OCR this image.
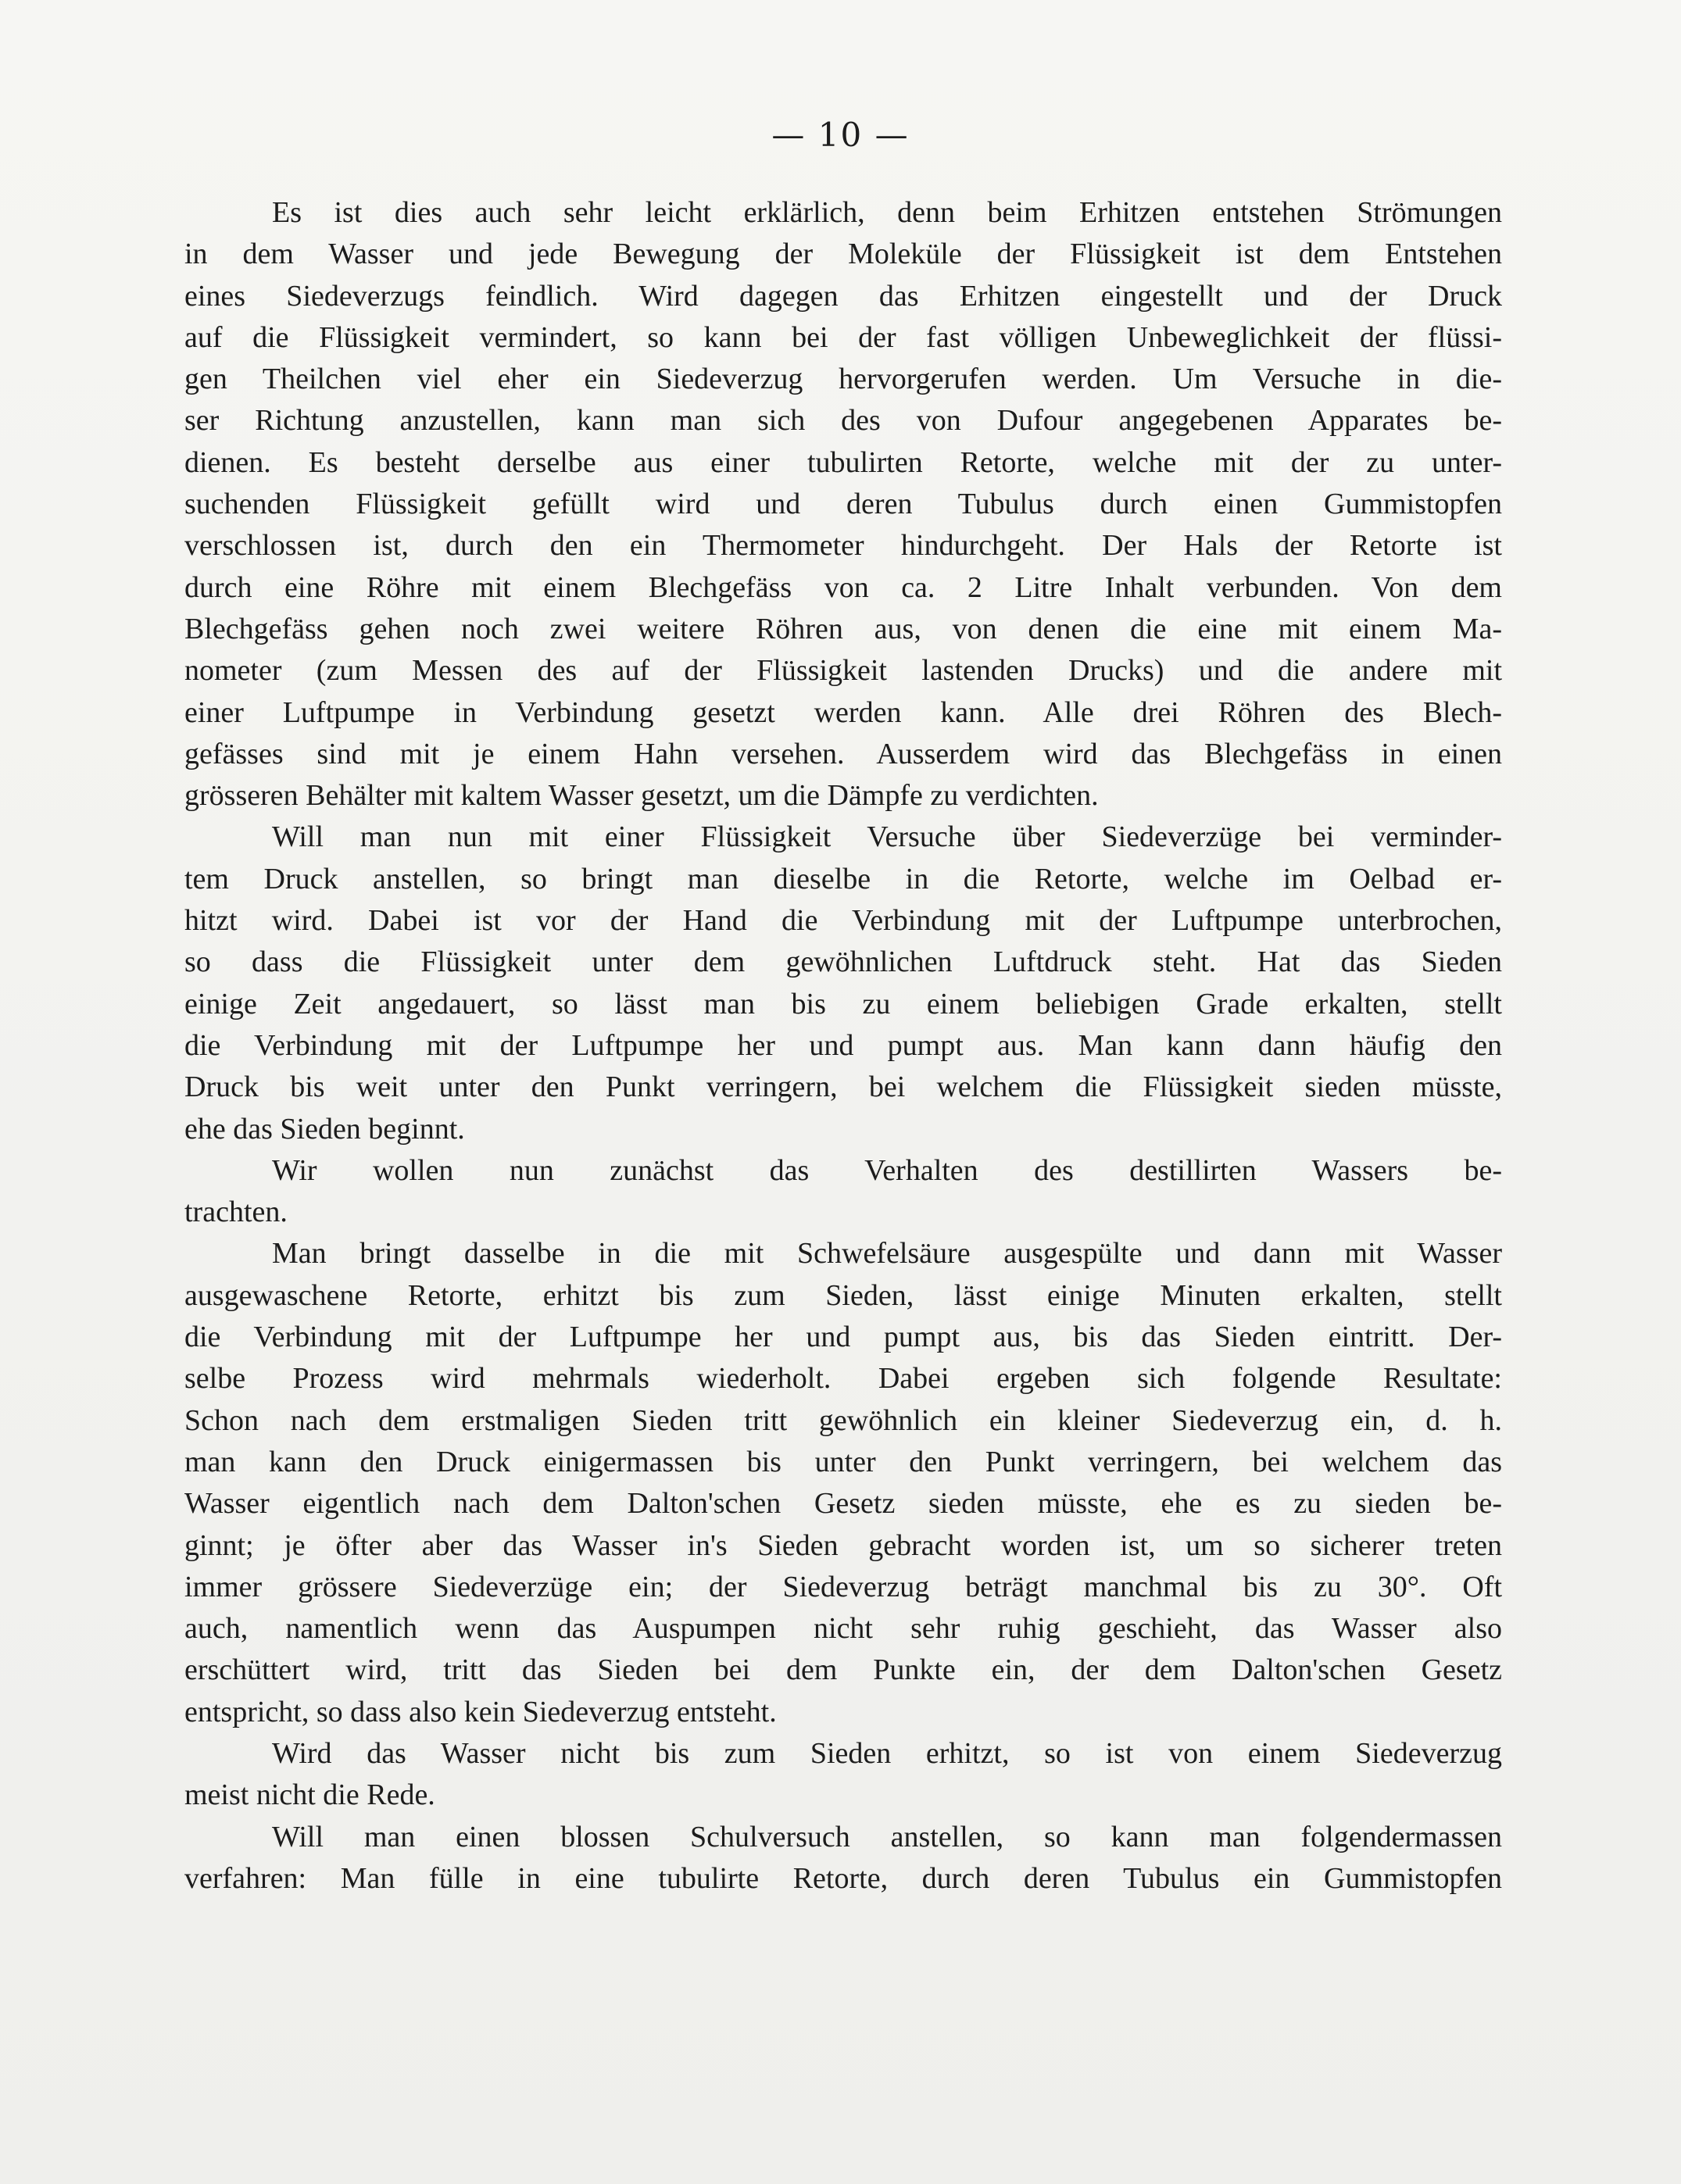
— 10 —
Es ist dies auch sehr leicht erklärlich, denn beim Erhitzen entstehen Strömungen
in dem Wasser und jede Bewegung der Moleküle der Flüssigkeit ist dem Entstehen
eines Siedeverzugs feindlich. Wird dagegen das Erhitzen eingestellt und der Druck
auf die Flüssigkeit vermindert, so kann bei der fast völligen Unbeweglichkeit der flüssi-
gen Theilchen viel eher ein Siedeverzug hervorgerufen werden. Um Versuche in die-
ser Richtung anzustellen, kann man sich des von Dufour angegebenen Apparates be-
dienen. Es besteht derselbe aus einer tubulirten Retorte, welche mit der zu unter-
suchenden Flüssigkeit gefüllt wird und deren Tubulus durch einen Gummistopfen
verschlossen ist, durch den ein Thermometer hindurchgeht. Der Hals der Retorte ist
durch eine Röhre mit einem Blechgefäss von ca. 2 Litre Inhalt verbunden. Von dem
Blechgefäss gehen noch zwei weitere Röhren aus, von denen die eine mit einem Ma-
nometer (zum Messen des auf der Flüssigkeit lastenden Drucks) und die andere mit
einer Luftpumpe in Verbindung gesetzt werden kann. Alle drei Röhren des Blech-
gefässes sind mit je einem Hahn versehen. Ausserdem wird das Blechgefäss in einen
grösseren Behälter mit kaltem Wasser gesetzt, um die Dämpfe zu verdichten.
Will man nun mit einer Flüssigkeit Versuche über Siedeverzüge bei verminder-
tem Druck anstellen, so bringt man dieselbe in die Retorte, welche im Oelbad er-
hitzt wird. Dabei ist vor der Hand die Verbindung mit der Luftpumpe unterbrochen,
so dass die Flüssigkeit unter dem gewöhnlichen Luftdruck steht. Hat das Sieden
einige Zeit angedauert, so lässt man bis zu einem beliebigen Grade erkalten, stellt
die Verbindung mit der Luftpumpe her und pumpt aus. Man kann dann häufig den
Druck bis weit unter den Punkt verringern, bei welchem die Flüssigkeit sieden müsste,
ehe das Sieden beginnt.
Wir wollen nun zunächst das Verhalten des destillirten Wassers be-
trachten.
Man bringt dasselbe in die mit Schwefelsäure ausgespülte und dann mit Wasser
ausgewaschene Retorte, erhitzt bis zum Sieden, lässt einige Minuten erkalten, stellt
die Verbindung mit der Luftpumpe her und pumpt aus, bis das Sieden eintritt. Der-
selbe Prozess wird mehrmals wiederholt. Dabei ergeben sich folgende Resultate:
Schon nach dem erstmaligen Sieden tritt gewöhnlich ein kleiner Siedeverzug ein, d. h.
man kann den Druck einigermassen bis unter den Punkt verringern, bei welchem das
Wasser eigentlich nach dem Dalton'schen Gesetz sieden müsste, ehe es zu sieden be-
ginnt; je öfter aber das Wasser in's Sieden gebracht worden ist, um so sicherer treten
immer grössere Siedeverzüge ein; der Siedeverzug beträgt manchmal bis zu 30°. Oft
auch, namentlich wenn das Auspumpen nicht sehr ruhig geschieht, das Wasser also
erschüttert wird, tritt das Sieden bei dem Punkte ein, der dem Dalton'schen Gesetz
entspricht, so dass also kein Siedeverzug entsteht.
Wird das Wasser nicht bis zum Sieden erhitzt, so ist von einem Siedeverzug
meist nicht die Rede.
Will man einen blossen Schulversuch anstellen, so kann man folgendermassen
verfahren: Man fülle in eine tubulirte Retorte, durch deren Tubulus ein Gummistopfen
